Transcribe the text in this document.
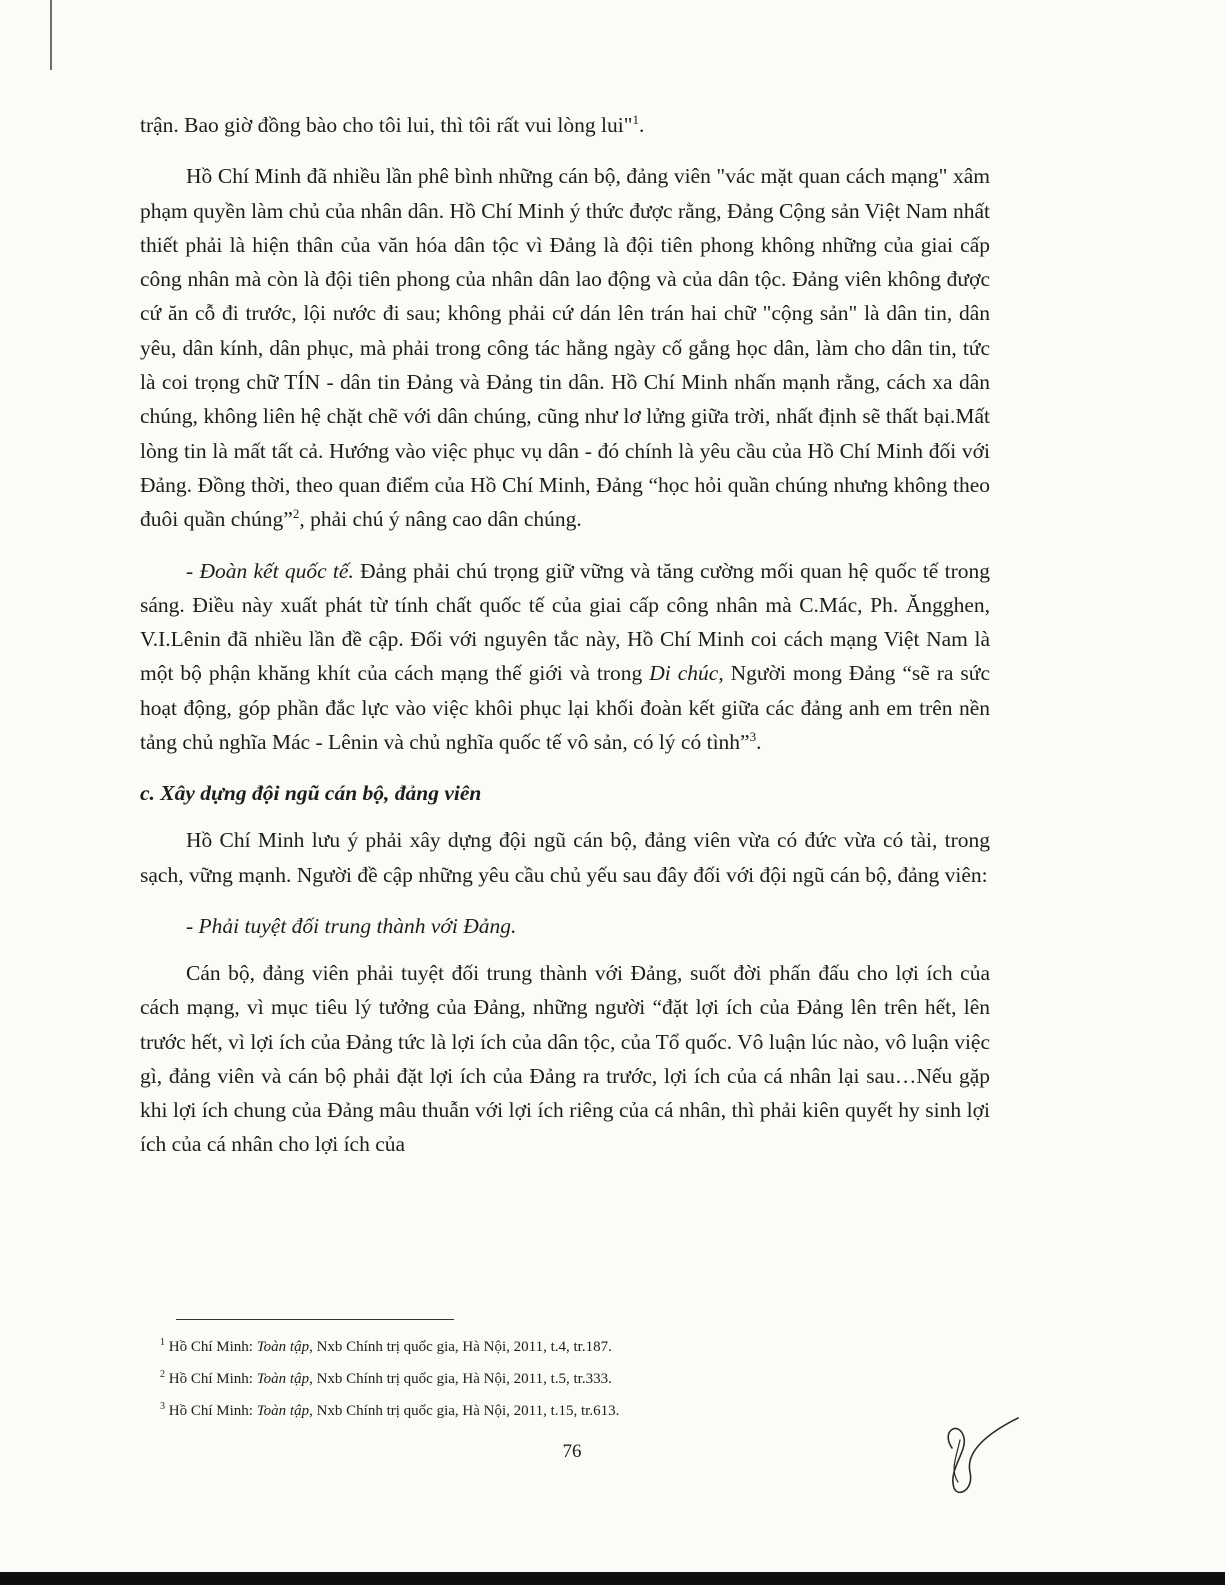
trận. Bao giờ đồng bào cho tôi lui, thì tôi rất vui lòng lui"$^1$.

Hồ Chí Minh đã nhiều lần phê bình những cán bộ, đảng viên "vác mặt quan cách mạng" xâm phạm quyền làm chủ của nhân dân. Hồ Chí Minh ý thức được rằng, Đảng Cộng sản Việt Nam nhất thiết phải là hiện thân của văn hóa dân tộc vì Đảng là đội tiên phong không những của giai cấp công nhân mà còn là đội tiên phong của nhân dân lao động và của dân tộc. Đảng viên không được cứ ăn cỗ đi trước, lội nước đi sau; không phải cứ dán lên trán hai chữ "cộng sản" là dân tin, dân yêu, dân kính, dân phục, mà phải trong công tác hằng ngày cố gắng học dân, làm cho dân tin, tức là coi trọng chữ TÍN - dân tin Đảng và Đảng tin dân. Hồ Chí Minh nhấn mạnh rằng, cách xa dân chúng, không liên hệ chặt chẽ với dân chúng, cũng như lơ lửng giữa trời, nhất định sẽ thất bại.Mất lòng tin là mất tất cả. Hướng vào việc phục vụ dân - đó chính là yêu cầu của Hồ Chí Minh đối với Đảng. Đồng thời, theo quan điểm của Hồ Chí Minh, Đảng “học hỏi quần chúng nhưng không theo đuôi quần chúng”$^2$, phải chú ý nâng cao dân chúng.

- Đoàn kết quốc tế. Đảng phải chú trọng giữ vững và tăng cường mối quan hệ quốc tế trong sáng. Điều này xuất phát từ tính chất quốc tế của giai cấp công nhân mà C.Mác, Ph. Ăngghen, V.I.Lênin đã nhiều lần đề cập. Đối với nguyên tắc này, Hồ Chí Minh coi cách mạng Việt Nam là một bộ phận khăng khít của cách mạng thế giới và trong Di chúc, Người mong Đảng “sẽ ra sức hoạt động, góp phần đắc lực vào việc khôi phục lại khối đoàn kết giữa các đảng anh em trên nền tảng chủ nghĩa Mác - Lênin và chủ nghĩa quốc tế vô sản, có lý có tình”$^3$.

c. Xây dựng đội ngũ cán bộ, đảng viên

Hồ Chí Minh lưu ý phải xây dựng đội ngũ cán bộ, đảng viên vừa có đức vừa có tài, trong sạch, vững mạnh. Người đề cập những yêu cầu chủ yếu sau đây đối với đội ngũ cán bộ, đảng viên:

- Phải tuyệt đối trung thành với Đảng.

Cán bộ, đảng viên phải tuyệt đối trung thành với Đảng, suốt đời phấn đấu cho lợi ích của cách mạng, vì mục tiêu lý tưởng của Đảng, những người “đặt lợi ích của Đảng lên trên hết, lên trước hết, vì lợi ích của Đảng tức là lợi ích của dân tộc, của Tổ quốc. Vô luận lúc nào, vô luận việc gì, đảng viên và cán bộ phải đặt lợi ích của Đảng ra trước, lợi ích của cá nhân lại sau…Nếu gặp khi lợi ích chung của Đảng mâu thuẫn với lợi ích riêng của cá nhân, thì phải kiên quyết hy sinh lợi ích của cá nhân cho lợi ích của

$^1$ Hồ Chí Minh: Toàn tập, Nxb Chính trị quốc gia, Hà Nội, 2011, t.4, tr.187.

$^2$ Hồ Chí Minh: Toàn tập, Nxb Chính trị quốc gia, Hà Nội, 2011, t.5, tr.333.

$^3$ Hồ Chí Minh: Toàn tập, Nxb Chính trị quốc gia, Hà Nội, 2011, t.15, tr.613.

76
